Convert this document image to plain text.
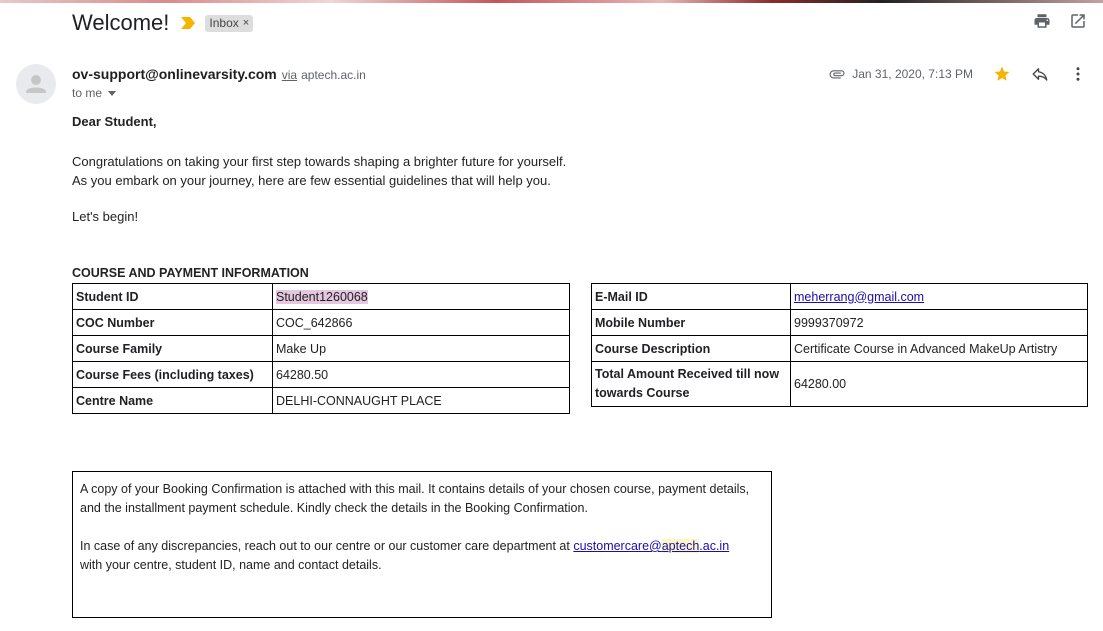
Welcome!	Inbox ×
ov-support@onlinevarsity.com via aptech.ac.in
to me
Jan 31, 2020, 7:13 PM
Dear Student,
Congratulations on taking your first step towards shaping a brighter future for yourself.
As you embark on your journey, here are few essential guidelines that will help you.
Let's begin!
COURSE AND PAYMENT INFORMATION
Student ID	Student1260068
COC Number	COC_642866
Course Family	Make Up
Course Fees (including taxes)	64280.50
Centre Name	DELHI-CONNAUGHT PLACE
E-Mail ID	meherrang@gmail.com
Mobile Number	9999370972
Course Description	Certificate Course in Advanced MakeUp Artistry
Total Amount Received till now towards Course	64280.00

A copy of your Booking Confirmation is attached with this mail. It contains details of your chosen course, payment details, and the installment payment schedule. Kindly check the details in the Booking Confirmation.

In case of any discrepancies, reach out to our centre or our customer care department at customercare@aptech.ac.in
with your centre, student ID, name and contact details.
